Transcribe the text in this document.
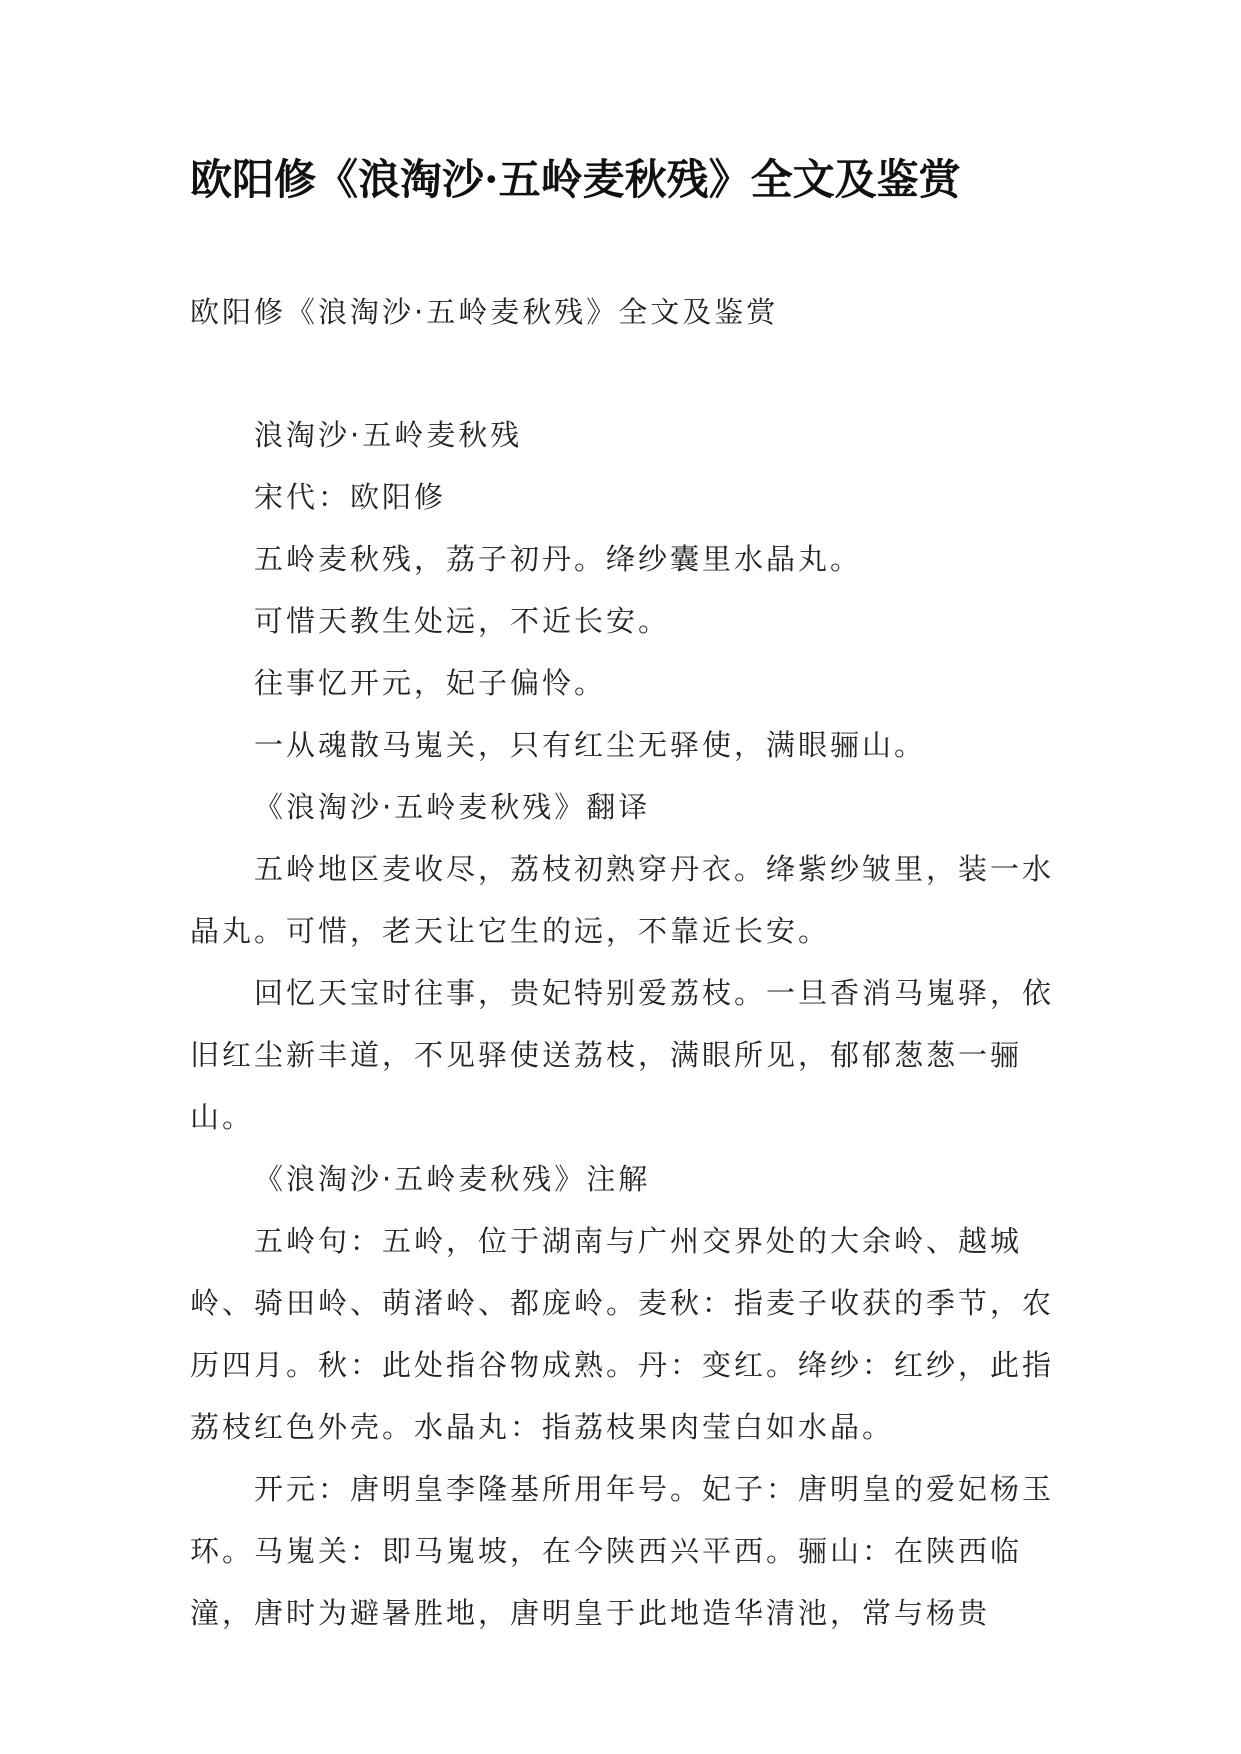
欧阳修《浪淘沙·五岭麦秋残》全文及鉴赏
欧阳修《浪淘沙·五岭麦秋残》全文及鉴赏

浪淘沙·五岭麦秋残

宋代：欧阳修

五岭麦秋残，荔子初丹。绛纱囊里水晶丸。

可惜天教生处远，不近长安。

往事忆开元，妃子偏怜。

一从魂散马嵬关，只有红尘无驿使，满眼骊山。

《浪淘沙·五岭麦秋残》翻译

五岭地区麦收尽，荔枝初熟穿丹衣。绛紫纱皱里，装一水晶丸。可惜，老天让它生的远，不靠近长安。

回忆天宝时往事，贵妃特别爱荔枝。一旦香消马嵬驿，依旧红尘新丰道，不见驿使送荔枝，满眼所见，郁郁葱葱一骊山。

《浪淘沙·五岭麦秋残》注解

五岭句：五岭，位于湖南与广州交界处的大余岭、越城岭、骑田岭、萌渚岭、都庞岭。麦秋：指麦子收获的季节，农历四月。秋：此处指谷物成熟。丹：变红。绛纱：红纱，此指荔枝红色外壳。水晶丸：指荔枝果肉莹白如水晶。

开元：唐明皇李隆基所用年号。妃子：唐明皇的爱妃杨玉环。马嵬关：即马嵬坡，在今陕西兴平西。骊山：在陕西临潼，唐时为避暑胜地，唐明皇于此地造华清池，常与杨贵
